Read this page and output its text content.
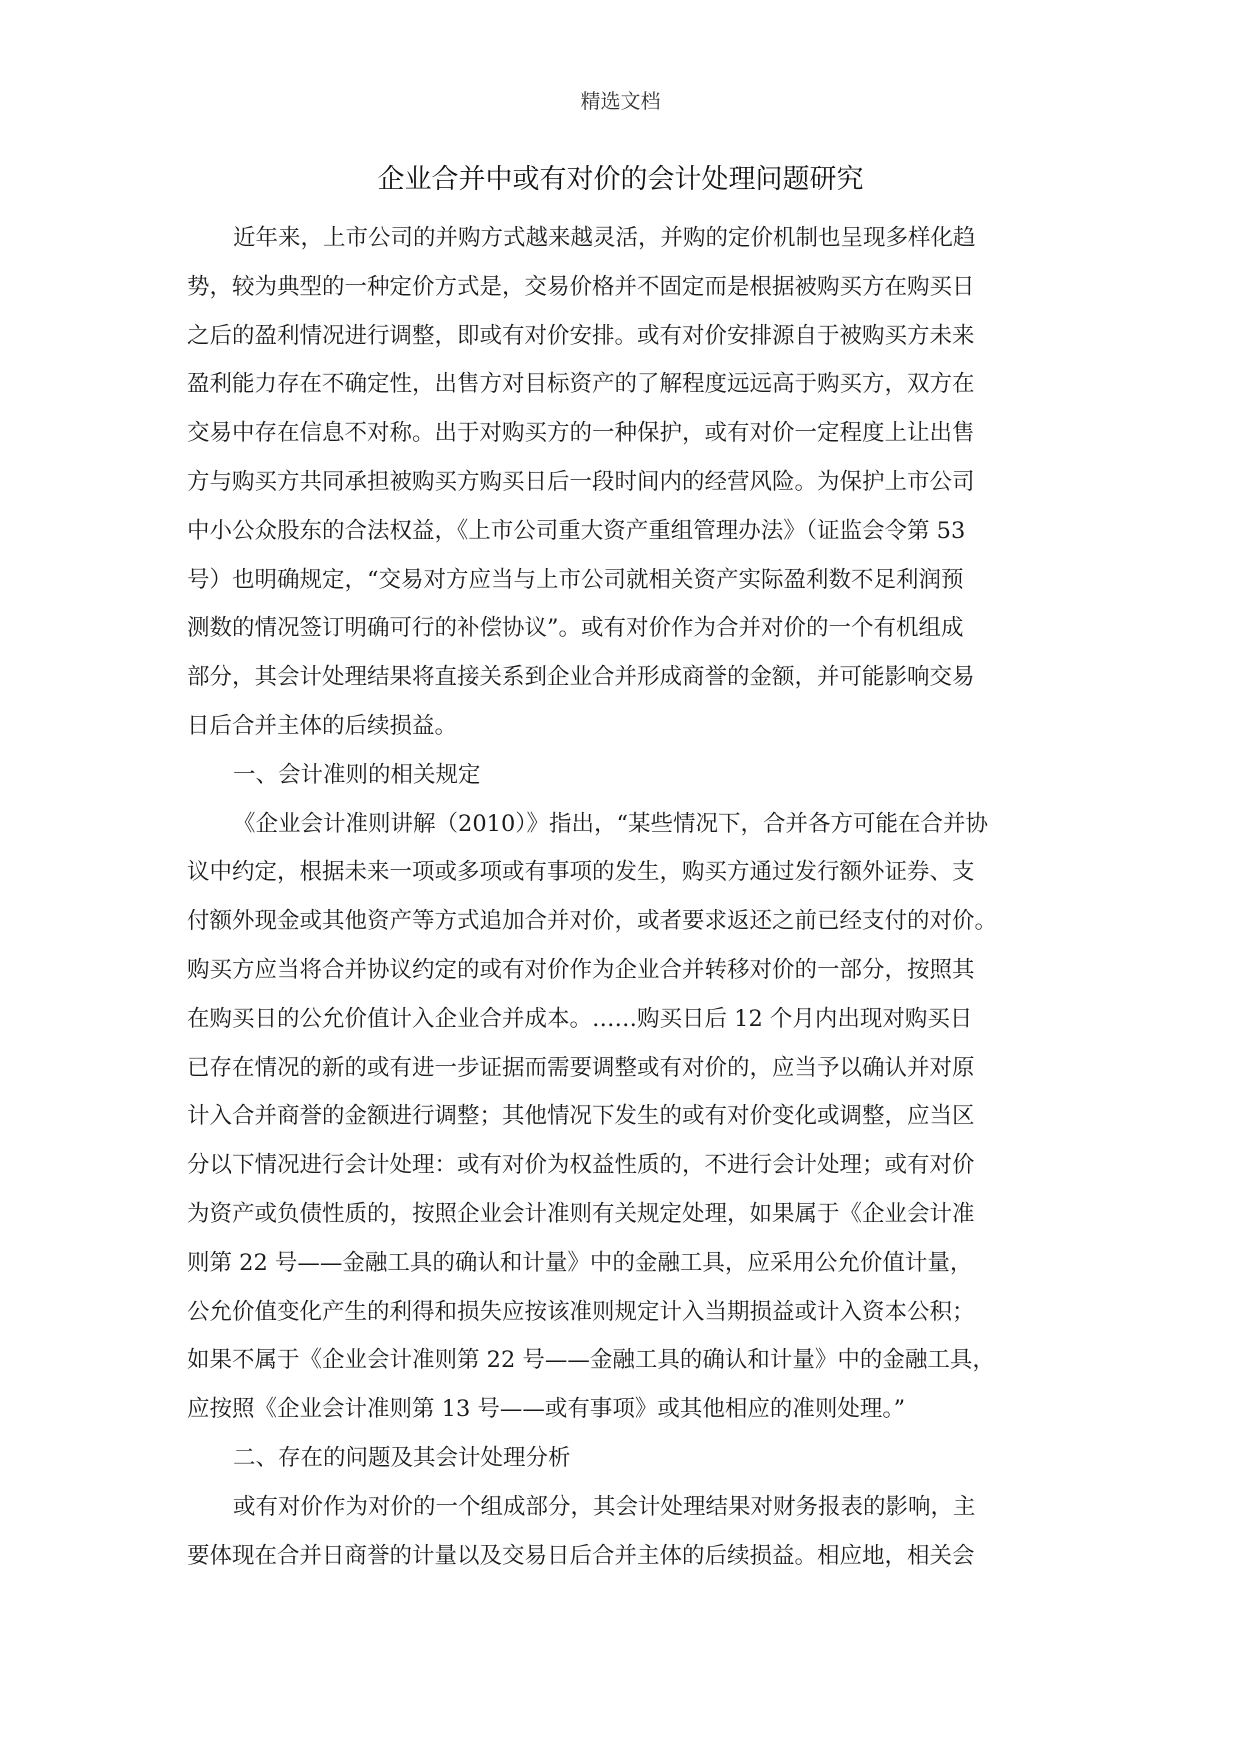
精选文档
企业合并中或有对价的会计处理问题研究
近年来，上市公司的并购方式越来越灵活，并购的定价机制也呈现多样化趋
势，较为典型的一种定价方式是，交易价格并不固定而是根据被购买方在购买日
之后的盈利情况进行调整，即或有对价安排。或有对价安排源自于被购买方未来
盈利能力存在不确定性，出售方对目标资产的了解程度远远高于购买方，双方在
交易中存在信息不对称。出于对购买方的一种保护，或有对价一定程度上让出售
方与购买方共同承担被购买方购买日后一段时间内的经营风险。为保护上市公司
中小公众股东的合法权益，《上市公司重大资产重组管理办法》（证监会令第 53
号）也明确规定，“交易对方应当与上市公司就相关资产实际盈利数不足利润预
测数的情况签订明确可行的补偿协议”。或有对价作为合并对价的一个有机组成
部分，其会计处理结果将直接关系到企业合并形成商誉的金额，并可能影响交易
日后合并主体的后续损益。
一、会计准则的相关规定
《企业会计准则讲解（2010）》指出，“某些情况下，合并各方可能在合并协
议中约定，根据未来一项或多项或有事项的发生，购买方通过发行额外证券、支
付额外现金或其他资产等方式追加合并对价，或者要求返还之前已经支付的对价。
购买方应当将合并协议约定的或有对价作为企业合并转移对价的一部分，按照其
在购买日的公允价值计入企业合并成本。……购买日后 12 个月内出现对购买日
已存在情况的新的或有进一步证据而需要调整或有对价的，应当予以确认并对原
计入合并商誉的金额进行调整；其他情况下发生的或有对价变化或调整，应当区
分以下情况进行会计处理：或有对价为权益性质的，不进行会计处理；或有对价
为资产或负债性质的，按照企业会计准则有关规定处理，如果属于《企业会计准
则第 22 号——金融工具的确认和计量》中的金融工具，应采用公允价值计量，
公允价值变化产生的利得和损失应按该准则规定计入当期损益或计入资本公积；
如果不属于《企业会计准则第 22 号——金融工具的确认和计量》中的金融工具，
应按照《企业会计准则第 13 号——或有事项》或其他相应的准则处理。”
二、存在的问题及其会计处理分析
或有对价作为对价的一个组成部分，其会计处理结果对财务报表的影响，主
要体现在合并日商誉的计量以及交易日后合并主体的后续损益。相应地，相关会
